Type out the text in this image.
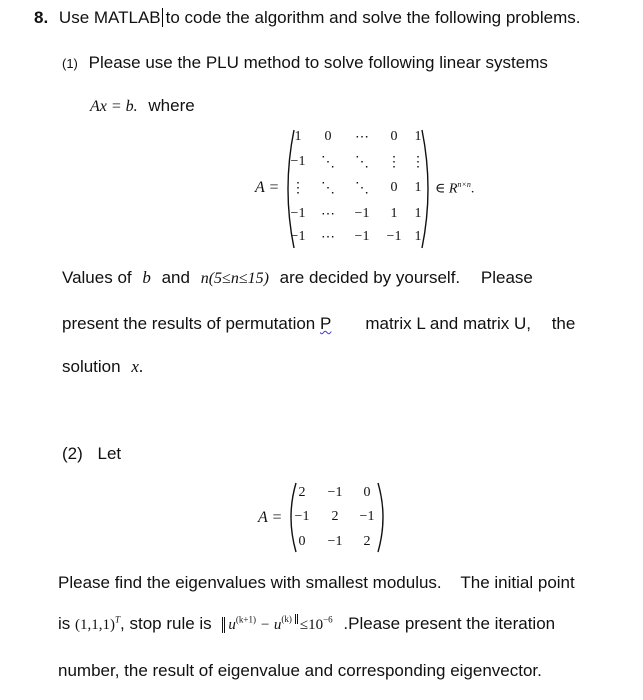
8. Use MATLAB to code the algorithm and solve the following problems.
(1) Please use the PLU method to solve following linear systems
Ax = b. where
A =
1	0	⋯	0	1
−1	⋱	⋱	⋮ ⋮
⋮	⋱	⋱	0	1
−1	⋯	−1	1	1
−1	⋯	−1	−1 1
∈ $R^{n\times n}$.
Values of b and n(5≤n≤15) are decided by yourself. Please
present the results of permutation P matrix L and matrix U, the
solution x.
(2) Let
A =
2	−1	0
−1	2	−1
0	−1	2
Please find the eigenvalues with smallest modulus. The initial point
is $(1,1,1)^T$, stop rule is $u^{(k+1)} - u^{(k)} \le 10^{-6}$ .Please present the iteration
number, the result of eigenvalue and corresponding eigenvector.
